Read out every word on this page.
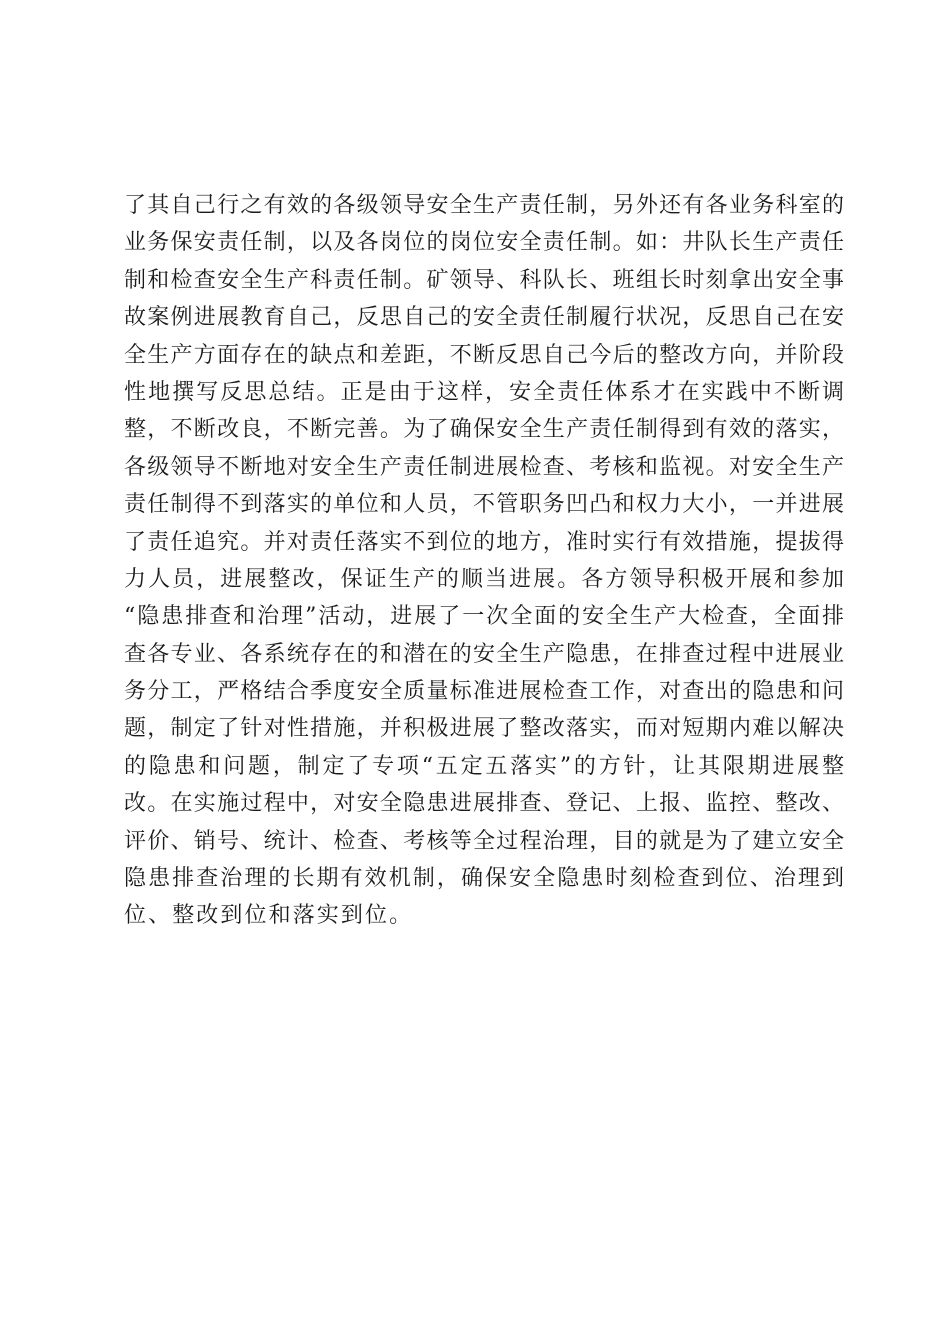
了其自己行之有效的各级领导安全生产责任制，另外还有各业务科室的
业务保安责任制，以及各岗位的岗位安全责任制。如：井队长生产责任
制和检查安全生产科责任制。矿领导、科队长、班组长时刻拿出安全事
故案例进展教育自己，反思自己的安全责任制履行状况，反思自己在安
全生产方面存在的缺点和差距，不断反思自己今后的整改方向，并阶段
性地撰写反思总结。正是由于这样，安全责任体系才在实践中不断调
整，不断改良，不断完善。为了确保安全生产责任制得到有效的落实，
各级领导不断地对安全生产责任制进展检查、考核和监视。对安全生产
责任制得不到落实的单位和人员，不管职务凹凸和权力大小，一并进展
了责任追究。并对责任落实不到位的地方，准时实行有效措施，提拔得
力人员，进展整改，保证生产的顺当进展。各方领导积极开展和参加
“隐患排查和治理”活动，进展了一次全面的安全生产大检查，全面排
查各专业、各系统存在的和潜在的安全生产隐患，在排查过程中进展业
务分工，严格结合季度安全质量标准进展检查工作，对查出的隐患和问
题，制定了针对性措施，并积极进展了整改落实，而对短期内难以解决
的隐患和问题，制定了专项“五定五落实”的方针，让其限期进展整
改。在实施过程中，对安全隐患进展排查、登记、上报、监控、整改、
评价、销号、统计、检查、考核等全过程治理，目的就是为了建立安全
隐患排查治理的长期有效机制，确保安全隐患时刻检查到位、治理到
位、整改到位和落实到位。
